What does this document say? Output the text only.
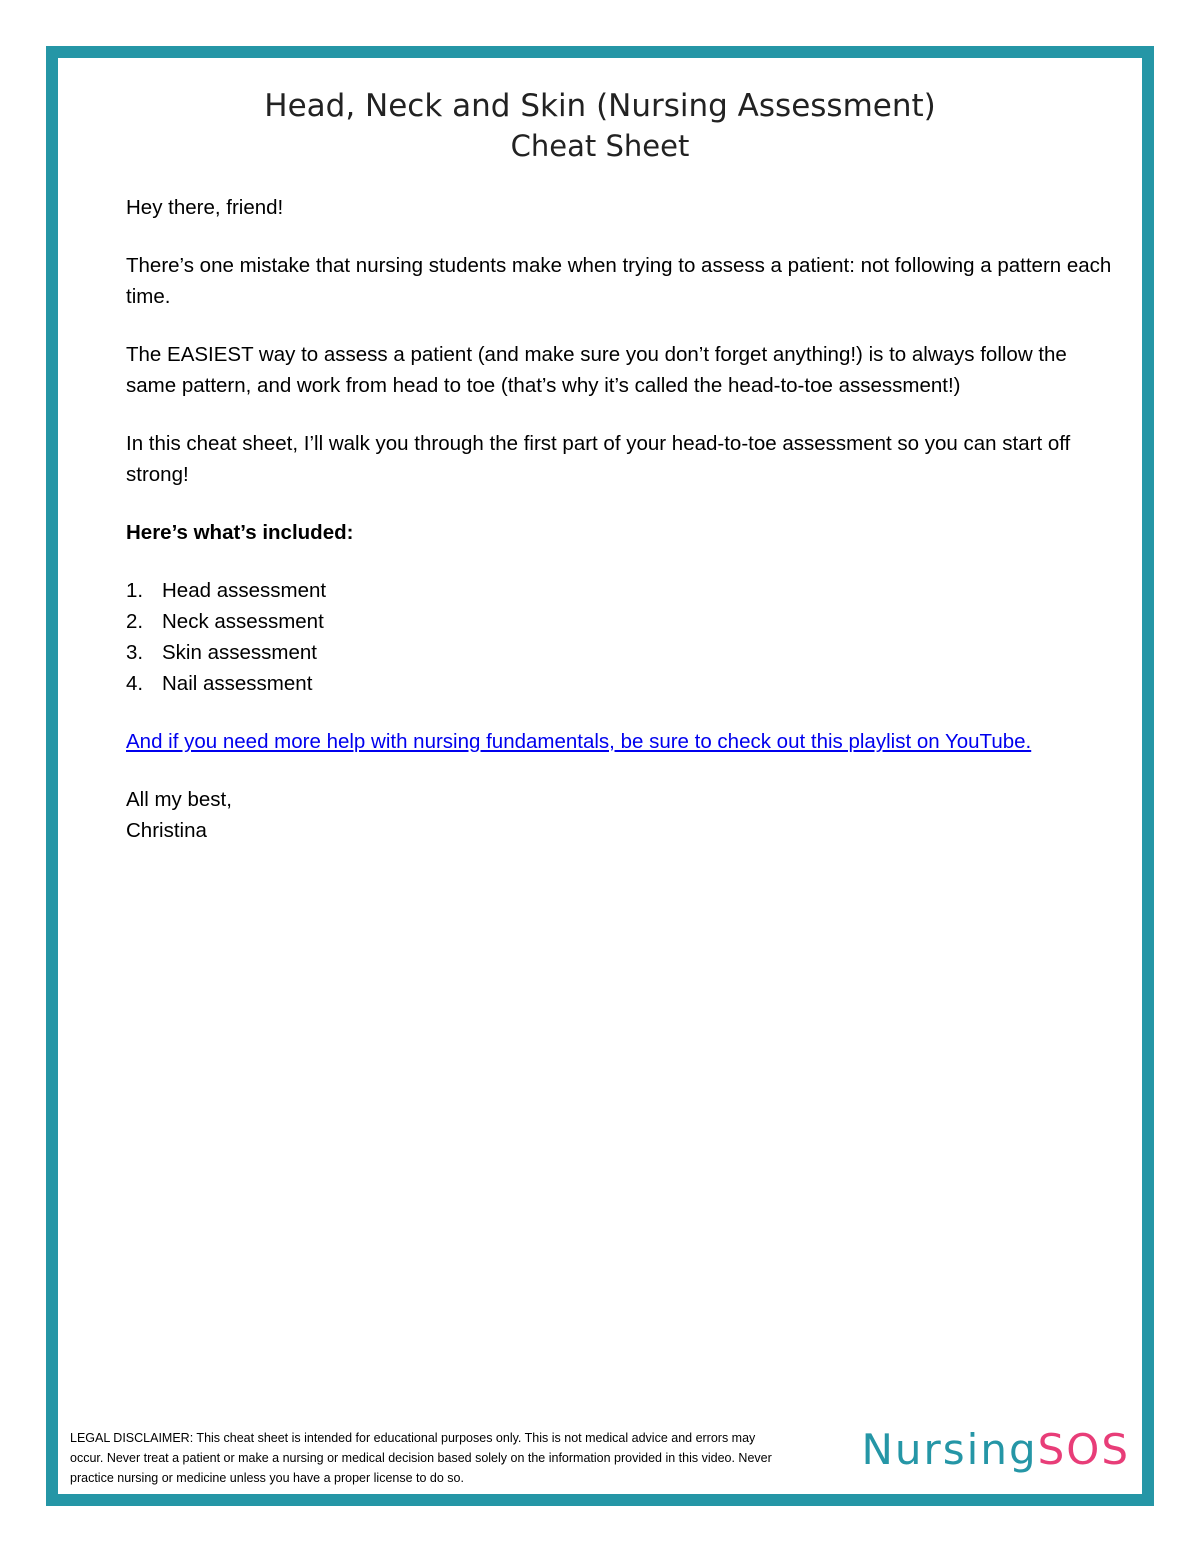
Head, Neck and Skin (Nursing Assessment)
Cheat Sheet

Hey there, friend!

There’s one mistake that nursing students make when trying to assess a patient: not following a pattern each time.

The EASIEST way to assess a patient (and make sure you don’t forget anything!) is to always follow the same pattern, and work from head to toe (that’s why it’s called the head-to-toe assessment!)

In this cheat sheet, I’ll walk you through the first part of your head-to-toe assessment so you can start off strong!

Here’s what’s included:

1. Head assessment
2. Neck assessment
3. Skin assessment
4. Nail assessment

And if you need more help with nursing fundamentals, be sure to check out this playlist on YouTube.

All my best,
Christina

LEGAL DISCLAIMER: This cheat sheet is intended for educational purposes only. This is not medical advice and errors may occur. Never treat a patient or make a nursing or medical decision based solely on the information provided in this video. Never practice nursing or medicine unless you have a proper license to do so.

NursingSOS
